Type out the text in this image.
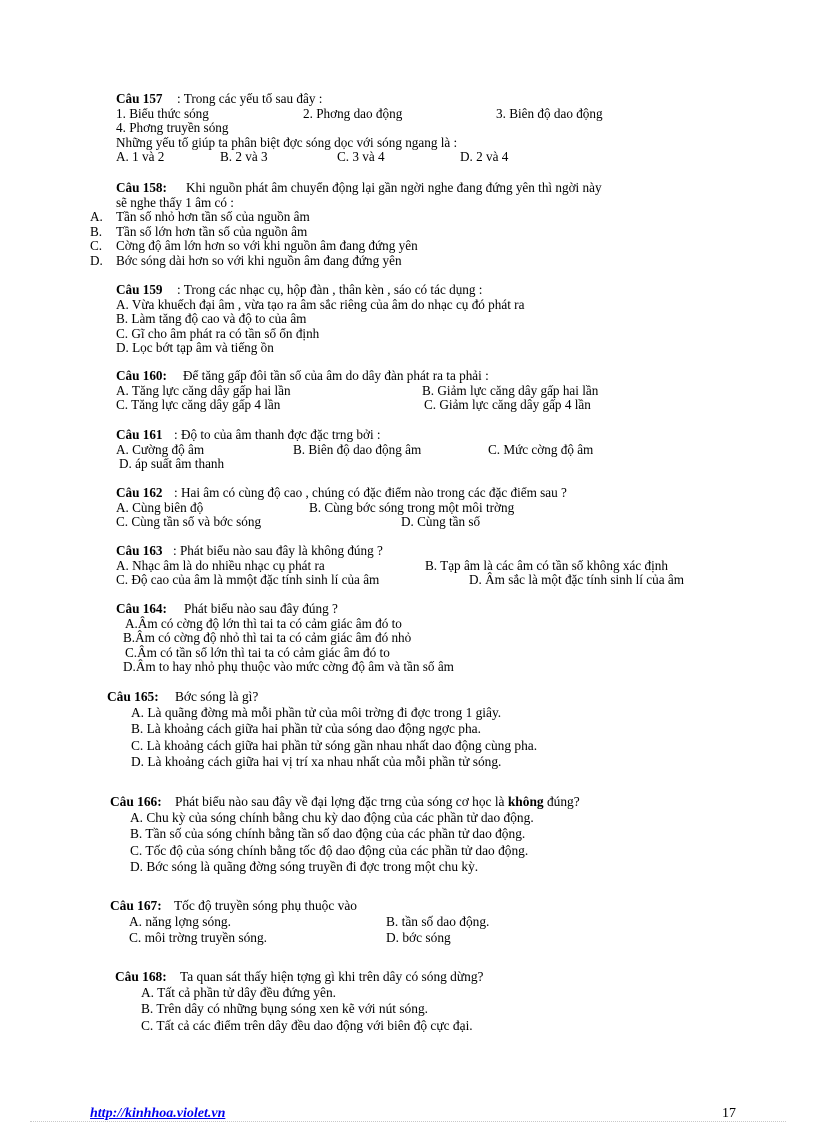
Câu 157 : Trong các yếu tố sau đây :
1. Biểu thức sóng	2. Phơng dao động	3. Biên độ dao động
4. Phơng truyền sóng
Những yếu tố giúp ta phân biệt đợc sóng dọc với sóng ngang là :
A. 1 và 2	B. 2 và 3	C. 3 và 4	D. 2 và 4
Câu 158: Khi nguồn phát âm chuyển động lại gần ngời nghe đang đứng yên thì ngời này
sẽ nghe thấy 1 âm có :
A. Tần số nhỏ hơn tần số của nguồn âm
B. Tần số lớn hơn tần số của nguồn âm
C. Cờng độ âm lớn hơn so với khi nguồn âm đang đứng yên
D. Bớc sóng dài hơn so với khi nguồn âm đang đứng yên
Câu 159 : Trong các nhạc cụ, hộp đàn , thân kèn , sáo có tác dụng :
A. Vừa khuếch đại âm , vừa tạo ra âm sắc riêng của âm do nhạc cụ đó phát ra
B. Làm tăng độ cao và độ to của âm
C. Gĩ cho âm phát ra có tần số ổn định
D. Lọc bớt tạp âm và tiếng ồn
Câu 160: Để tăng gấp đôi tần số của âm do dây đàn phát ra ta phải :
A. Tăng lực căng dây gấp hai lần	B. Giảm lực căng dây gấp hai lần
C. Tăng lực căng dây gấp 4 lần	C. Giảm lực căng dây gấp 4 lần
Câu 161 : Độ to của âm thanh đợc đặc trng bởi :
A. Cường độ âm	B. Biên độ dao động âm	C. Mức cờng độ âm
D. áp suất âm thanh
Câu 162 : Hai âm có cùng độ cao , chúng có đặc điểm nào trong các đặc điểm sau ?
A. Cùng biên độ	B. Cùng bớc sóng trong một môi trờng
C. Cùng tần số và bớc sóng	D. Cùng tần số
Câu 163 : Phát biểu nào sau đây là không đúng ?
A. Nhạc âm là do nhiều nhạc cụ phát ra	B. Tạp âm là các âm có tần số không xác định
C. Độ cao của âm là mmột đặc tính sinh lí của âm	D. Âm sắc là một đặc tính sinh lí của âm
Câu 164: Phát biểu nào sau đây đúng ?
A.Âm có cờng độ lớn thì tai ta có cảm giác âm đó to
B.Âm có cờng độ nhỏ thì tai ta có cảm giác âm đó nhỏ
C.Âm có tần số lớn thì tai ta có cảm giác âm đó to
D.Âm to hay nhỏ phụ thuộc vào mức cờng độ âm và tần số âm
Câu 165: Bớc sóng là gì?
A. Là quãng đờng mà mỗi phần tử của môi trờng đi đợc trong 1 giây.
B. Là khoảng cách giữa hai phần tử của sóng dao động ngợc pha.
C. Là khoảng cách giữa hai phần tử sóng gần nhau nhất dao động cùng pha.
D. Là khoảng cách giữa hai vị trí xa nhau nhất của mỗi phần tử sóng.
Câu 166: Phát biểu nào sau đây về đại lợng đặc trng của sóng cơ học là không đúng?
A. Chu kỳ của sóng chính bằng chu kỳ dao động của các phần tử dao động.
B. Tần số của sóng chính bằng tần số dao động của các phần tử dao động.
C. Tốc độ của sóng chính bằng tốc độ dao động của các phần tử dao động.
D. Bớc sóng là quãng đờng sóng truyền đi đợc trong một chu kỳ.
Câu 167: Tốc độ truyền sóng phụ thuộc vào
A. năng lợng sóng.	B. tần số dao động.
C. môi trờng truyền sóng.	D. bớc sóng
Câu 168: Ta quan sát thấy hiện tợng gì khi trên dây có sóng dừng?
A. Tất cả phần tử dây đều đứng yên.
B. Trên dây có những bụng sóng xen kẽ với nút sóng.
C. Tất cả các điểm trên dây đều dao động với biên độ cực đại.
http://kinhhoa.violet.vn	17
